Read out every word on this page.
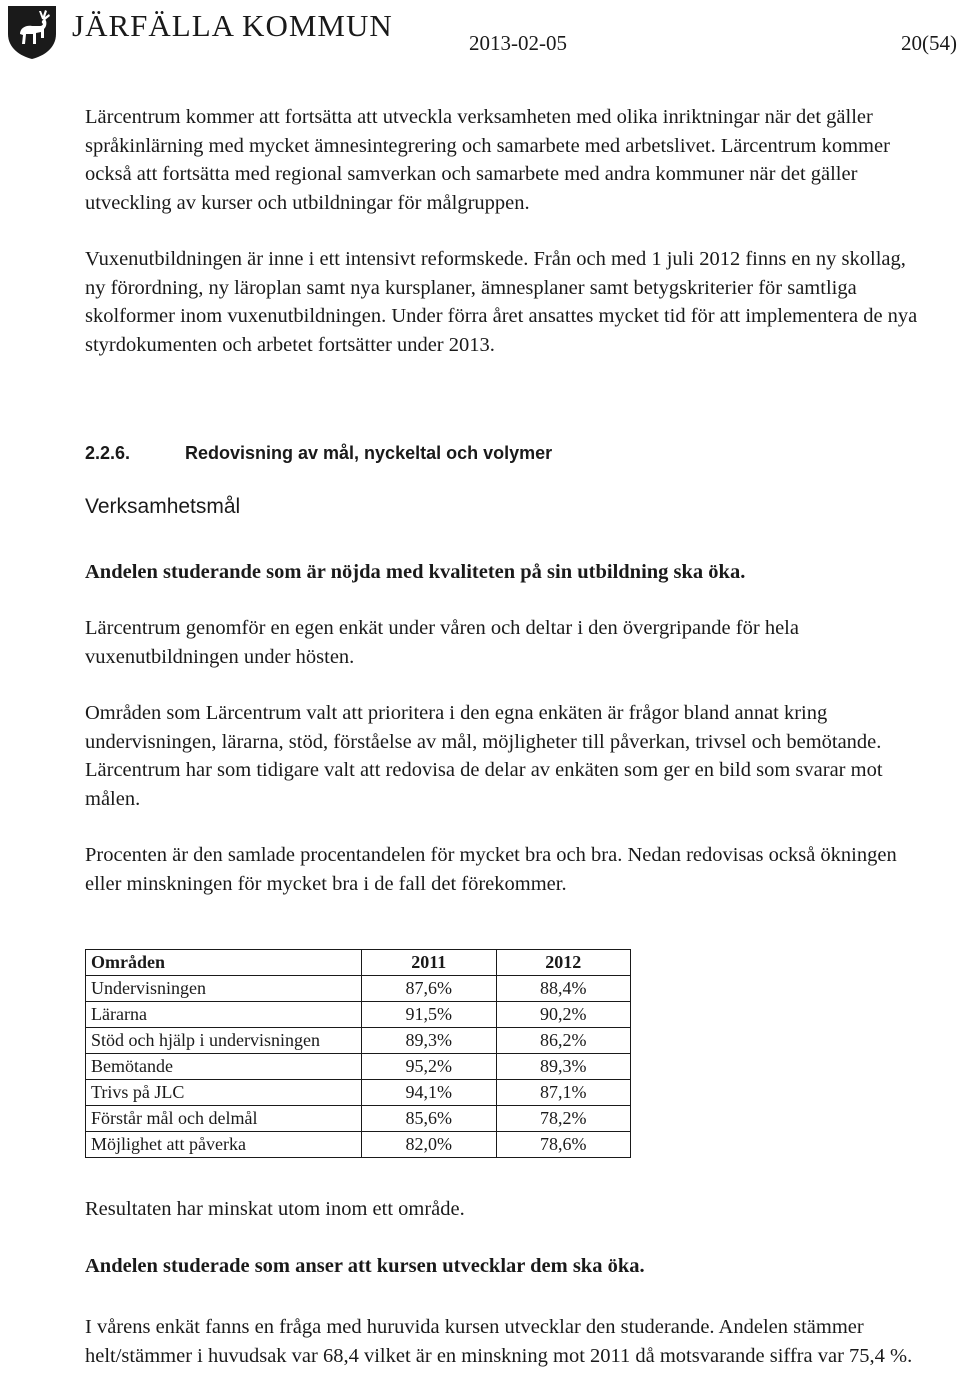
JÄRFÄLLA KOMMUN	2013-02-05	20(54)

Lärcentrum kommer att fortsätta att utveckla verksamheten med olika inriktningar när det gäller språkinlärning med mycket ämnesintegrering och samarbete med arbetslivet. Lärcentrum kommer också att fortsätta med regional samverkan och samarbete med andra kommuner när det gäller utveckling av kurser och utbildningar för målgruppen.

Vuxenutbildningen är inne i ett intensivt reformskede. Från och med 1 juli 2012 finns en ny skollag, ny förordning, ny läroplan samt nya kursplaner, ämnesplaner samt betygskriterier för samtliga skolformer inom vuxenutbildningen. Under förra året ansattes mycket tid för att implementera de nya styrdokumenten och arbetet fortsätter under 2013.

2.2.6.	Redovisning av mål, nyckeltal och volymer
Verksamhetsmål

Andelen studerande som är nöjda med kvaliteten på sin utbildning ska öka.

Lärcentrum genomför en egen enkät under våren och deltar i den övergripande för hela vuxenutbildningen under hösten.

Områden som Lärcentrum valt att prioritera i den egna enkäten är frågor bland annat kring undervisningen, lärarna, stöd, förståelse av mål, möjligheter till påverkan, trivsel och bemötande. Lärcentrum har som tidigare valt att redovisa de delar av enkäten som ger en bild som svarar mot målen.

Procenten är den samlade procentandelen för mycket bra och bra. Nedan redovisas också ökningen eller minskningen för mycket bra i de fall det förekommer.

Områden	2011	2012
Undervisningen	87,6%	88,4%
Lärarna	91,5%	90,2%
Stöd och hjälp i undervisningen	89,3%	86,2%
Bemötande	95,2%	89,3%
Trivs på JLC	94,1%	87,1%
Förstår mål och delmål	85,6%	78,2%
Möjlighet att påverka	82,0%	78,6%

Resultaten har minskat utom inom ett område.

Andelen studerade som anser att kursen utvecklar dem ska öka.

I vårens enkät fanns en fråga med huruvida kursen utvecklar den studerande. Andelen stämmer helt/stämmer i huvudsak var 68,4 vilket är en minskning mot 2011 då motsvarande siffra var 75,4 %.
